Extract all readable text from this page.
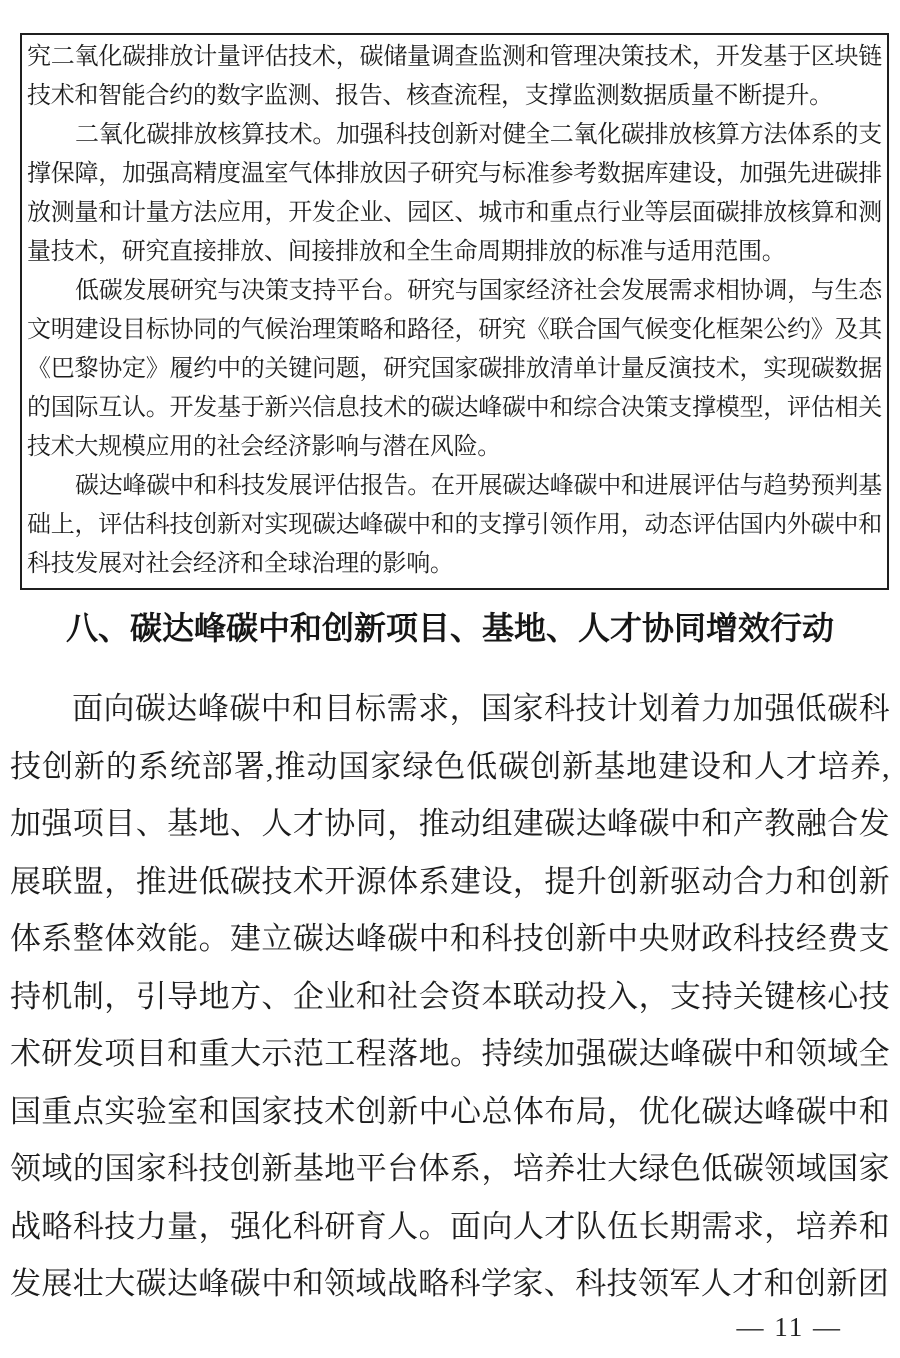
究二氧化碳排放计量评估技术，碳储量调查监测和管理决策技术，开发基于区块链技术和智能合约的数字监测、报告、核查流程，支撑监测数据质量不断提升。

二氧化碳排放核算技术。加强科技创新对健全二氧化碳排放核算方法体系的支撑保障，加强高精度温室气体排放因子研究与标准参考数据库建设，加强先进碳排放测量和计量方法应用，开发企业、园区、城市和重点行业等层面碳排放核算和测量技术，研究直接排放、间接排放和全生命周期排放的标准与适用范围。

低碳发展研究与决策支持平台。研究与国家经济社会发展需求相协调，与生态文明建设目标协同的气候治理策略和路径，研究《联合国气候变化框架公约》及其《巴黎协定》履约中的关键问题，研究国家碳排放清单计量反演技术，实现碳数据的国际互认。开发基于新兴信息技术的碳达峰碳中和综合决策支撑模型，评估相关技术大规模应用的社会经济影响与潜在风险。

碳达峰碳中和科技发展评估报告。在开展碳达峰碳中和进展评估与趋势预判基础上，评估科技创新对实现碳达峰碳中和的支撑引领作用，动态评估国内外碳中和科技发展对社会经济和全球治理的影响。

八、碳达峰碳中和创新项目、基地、人才协同增效行动

面向碳达峰碳中和目标需求，国家科技计划着力加强低碳科技创新的系统部署,推动国家绿色低碳创新基地建设和人才培养,加强项目、基地、人才协同，推动组建碳达峰碳中和产教融合发展联盟，推进低碳技术开源体系建设，提升创新驱动合力和创新体系整体效能。建立碳达峰碳中和科技创新中央财政科技经费支持机制，引导地方、企业和社会资本联动投入，支持关键核心技术研发项目和重大示范工程落地。持续加强碳达峰碳中和领域全国重点实验室和国家技术创新中心总体布局，优化碳达峰碳中和领域的国家科技创新基地平台体系，培养壮大绿色低碳领域国家战略科技力量，强化科研育人。面向人才队伍长期需求，培养和发展壮大碳达峰碳中和领域战略科学家、科技领军人才和创新团

— 11 —
